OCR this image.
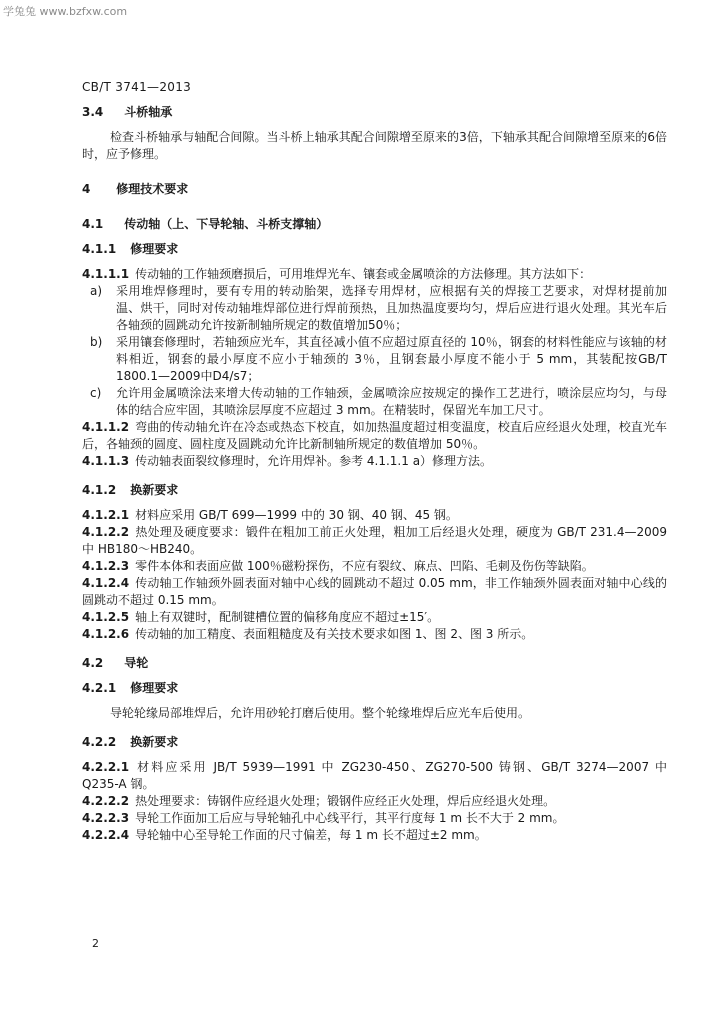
学兔兔 www.bzfxw.com
CB/T 3741—2013
3.4 斗桥轴承

检查斗桥轴承与轴配合间隙。当斗桥上轴承其配合间隙增至原来的3倍，下轴承其配合间隙增至原来的6倍时，应予修理。

4 修理技术要求
4.1 传动轴（上、下导轮轴、斗桥支撑轴）
4.1.1 修理要求

4.1.1.1 传动轴的工作轴颈磨损后，可用堆焊光车、镶套或金属喷涂的方法修理。其方法如下：

a) 采用堆焊修理时，要有专用的转动胎架，选择专用焊材，应根据有关的焊接工艺要求，对焊材提前加温、烘干，同时对传动轴堆焊部位进行焊前预热，且加热温度要均匀，焊后应进行退火处理。其光车后各轴颈的圆跳动允许按新制轴所规定的数值增加50％；

b) 采用镶套修理时，若轴颈应光车，其直径减小值不应超过原直径的 10％，钢套的材料性能应与该轴的材料相近，钢套的最小厚度不应小于轴颈的 3％，且钢套最小厚度不能小于 5 mm，其装配按GB/T 1800.1—2009中D4/s7；

c) 允许用金属喷涂法来增大传动轴的工作轴颈，金属喷涂应按规定的操作工艺进行，喷涂层应均匀，与母体的结合应牢固，其喷涂层厚度不应超过 3 mm。在精装时，保留光车加工尺寸。

4.1.1.2 弯曲的传动轴允许在冷态或热态下校直，如加热温度超过相变温度，校直后应经退火处理，校直光车后，各轴颈的圆度、圆柱度及圆跳动允许比新制轴所规定的数值增加 50％。

4.1.1.3 传动轴表面裂纹修理时，允许用焊补。参考 4.1.1.1 a）修理方法。

4.1.2 换新要求

4.1.2.1 材料应采用 GB/T 699—1999 中的 30 钢、40 钢、45 钢。

4.1.2.2 热处理及硬度要求：锻件在粗加工前正火处理，粗加工后经退火处理，硬度为 GB/T 231.4—2009 中 HB180～HB240。

4.1.2.3 零件本体和表面应做 100％磁粉探伤，不应有裂纹、麻点、凹陷、毛刺及伤伤等缺陷。

4.1.2.4 传动轴工作轴颈外圆表面对轴中心线的圆跳动不超过 0.05 mm，非工作轴颈外圆表面对轴中心线的圆跳动不超过 0.15 mm。

4.1.2.5 轴上有双键时，配制键槽位置的偏移角度应不超过±15′。

4.1.2.6 传动轴的加工精度、表面粗糙度及有关技术要求如图 1、图 2、图 3 所示。

4.2 导轮
4.2.1 修理要求

导轮轮缘局部堆焊后，允许用砂轮打磨后使用。整个轮缘堆焊后应光车后使用。

4.2.2 换新要求

4.2.2.1 材料应采用 JB/T 5939—1991 中 ZG230-450、ZG270-500 铸钢、GB/T 3274—2007 中 Q235-A 钢。

4.2.2.2 热处理要求：铸钢件应经退火处理；锻钢件应经正火处理，焊后应经退火处理。

4.2.2.3 导轮工作面加工后应与导轮轴孔中心线平行，其平行度每 1 m 长不大于 2 mm。

4.2.2.4 导轮轴中心至导轮工作面的尺寸偏差，每 1 m 长不超过±2 mm。

2
